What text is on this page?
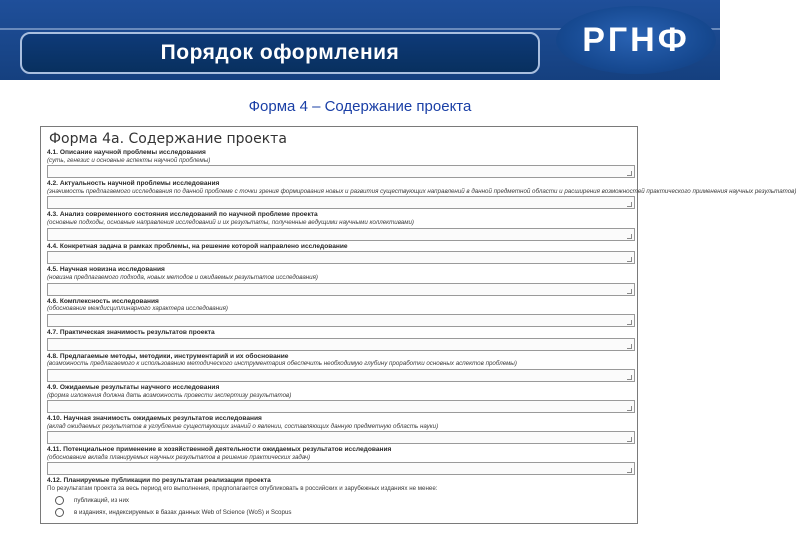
Порядок оформления	РГНФ
Форма 4 – Содержание проекта
Форма 4а. Содержание проекта
4.1. Описание научной проблемы исследования
(суть, генезис и основные аспекты научной проблемы)
4.2. Актуальность научной проблемы исследования
(значимость предлагаемого исследования по данной проблеме с точки зрения формирования новых и развития существующих направлений в данной предметной области и расширения возможностей практического применения научных результатов)
4.3. Анализ современного состояния исследований по научной проблеме проекта
(основные подходы, основные направления исследований и их результаты, полученные ведущими научными коллективами)
4.4. Конкретная задача в рамках проблемы, на решение которой направлено исследование
4.5. Научная новизна исследования
(новизна предлагаемого подхода, новых методов и ожидаемых результатов исследования)
4.6. Комплексность исследования
(обоснование междисциплинарного характера исследования)
4.7. Практическая значимость результатов проекта
4.8. Предлагаемые методы, методики, инструментарий и их обоснование
(возможность предлагаемого к использованию методического инструментария обеспечить необходимую глубину проработки основных аспектов проблемы)
4.9. Ожидаемые результаты научного исследования
(форма изложения должна дать возможность провести экспертизу результатов)
4.10. Научная значимость ожидаемых результатов исследования
(вклад ожидаемых результатов в углубление существующих знаний о явлении, составляющих данную предметную область науки)
4.11. Потенциальное применение в хозяйственной деятельности ожидаемых результатов исследования
(обоснование вклада планируемых научных результатов в решение практических задач)
4.12. Планируемые публикации по результатам реализации проекта
По результатам проекта за весь период его выполнения, предполагается опубликовать в российских и зарубежных изданиях не менее:
публикаций, из них
в изданиях, индексируемых в базах данных Web of Science (WoS) и Scopus
